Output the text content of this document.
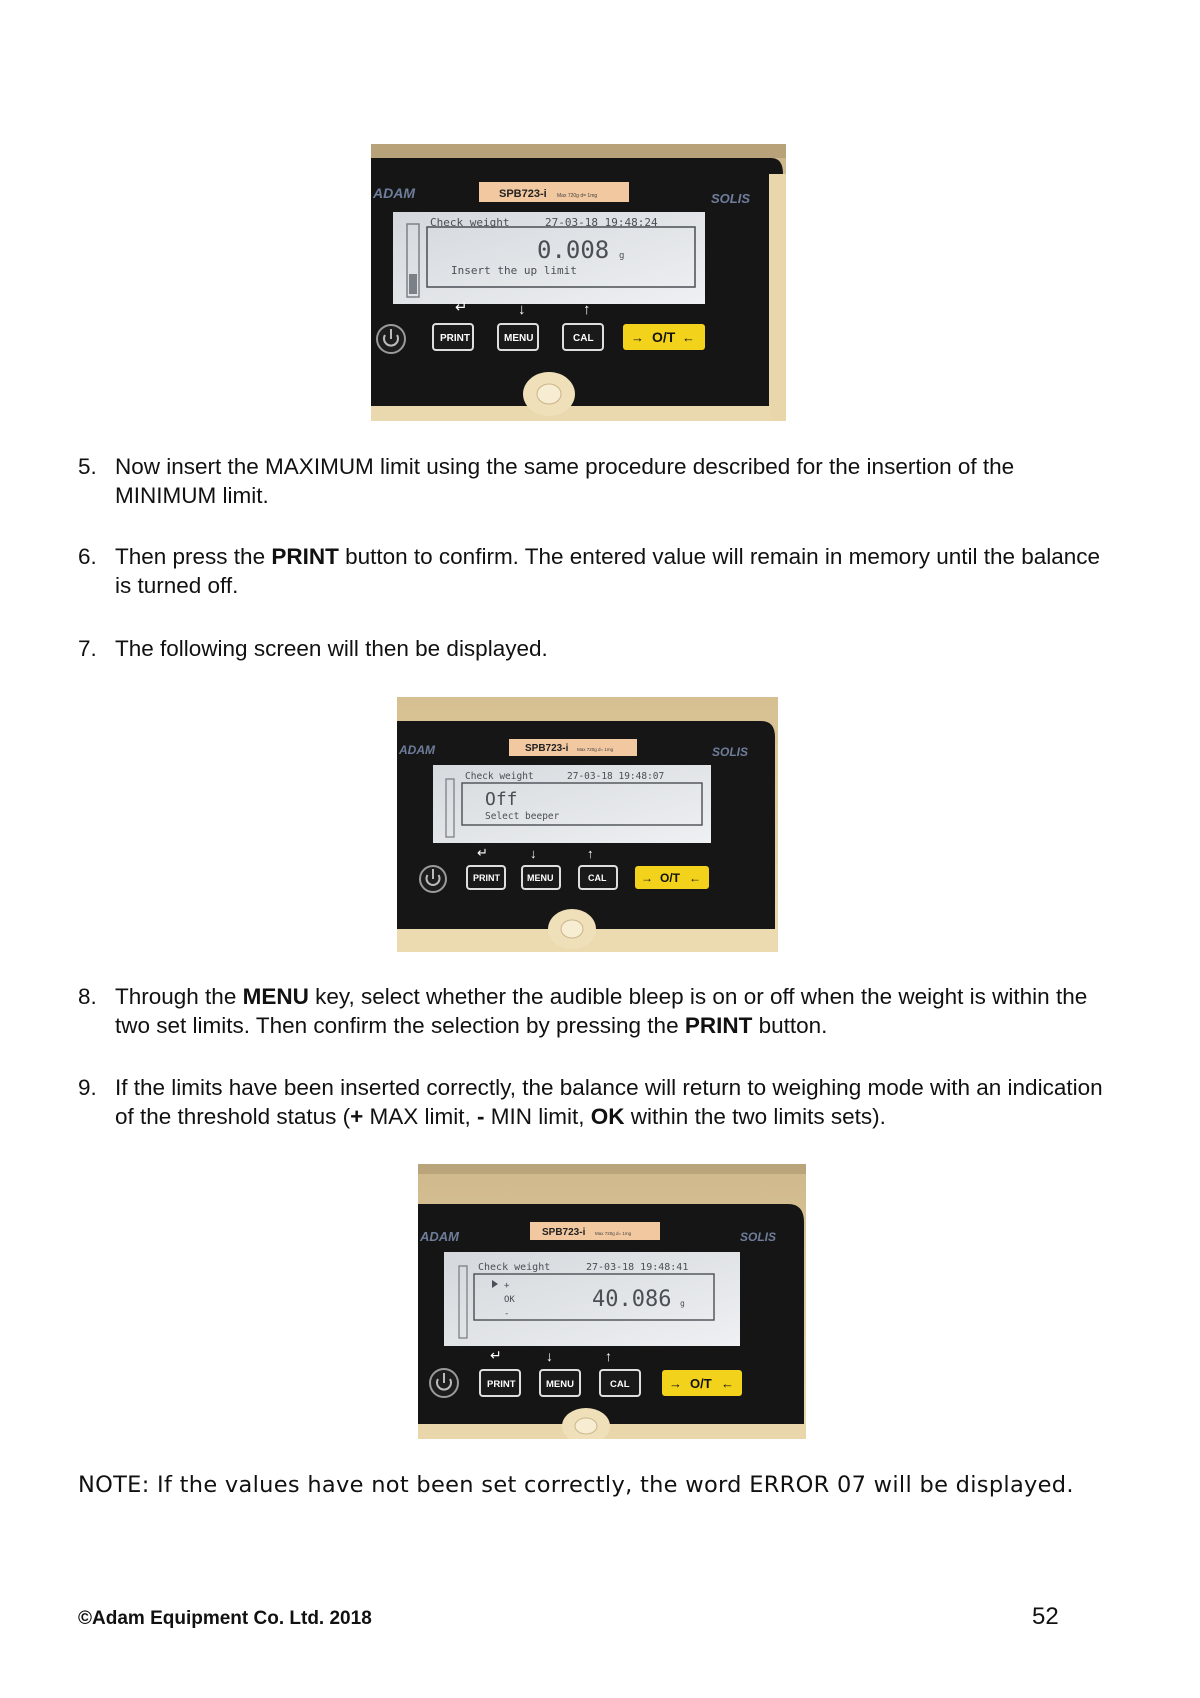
ADAM	SOLIS
SPB723-i Max 720g d= 1mg
Check weight	27-03-18 19:48:24
0.008 g
Insert the up limit
↵	↓	↑
PRINT	MENU	CAL	→ O/T ←
5. Now insert the MAXIMUM limit using the same procedure described for the insertion of the MINIMUM limit.
6. Then press the PRINT button to confirm. The entered value will remain in memory until the balance is turned off.
7. The following screen will then be displayed.
ADAM	SOLIS
SPB723-i Max 720g d= 1mg
Check weight	27-03-18 19:48:07
Off
Select beeper
↵	↓	↑
PRINT	MENU	CAL	→ O/T ←
8. Through the MENU key, select whether the audible bleep is on or off when the weight is within the two set limits. Then confirm the selection by pressing the PRINT button.
9. If the limits have been inserted correctly, the balance will return to weighing mode with an indication of the threshold status (+ MAX limit, - MIN limit, OK within the two limits sets).
ADAM	SOLIS
SPB723-i Max 720g d= 1mg
Check weight	27-03-18 19:48:41
+
OK
-
40.086 g
↵	↓	↑
PRINT	MENU	CAL	→ O/T ←
NOTE: If the values have not been set correctly, the word ERROR 07 will be displayed.
©Adam Equipment Co. Ltd. 2018	52
